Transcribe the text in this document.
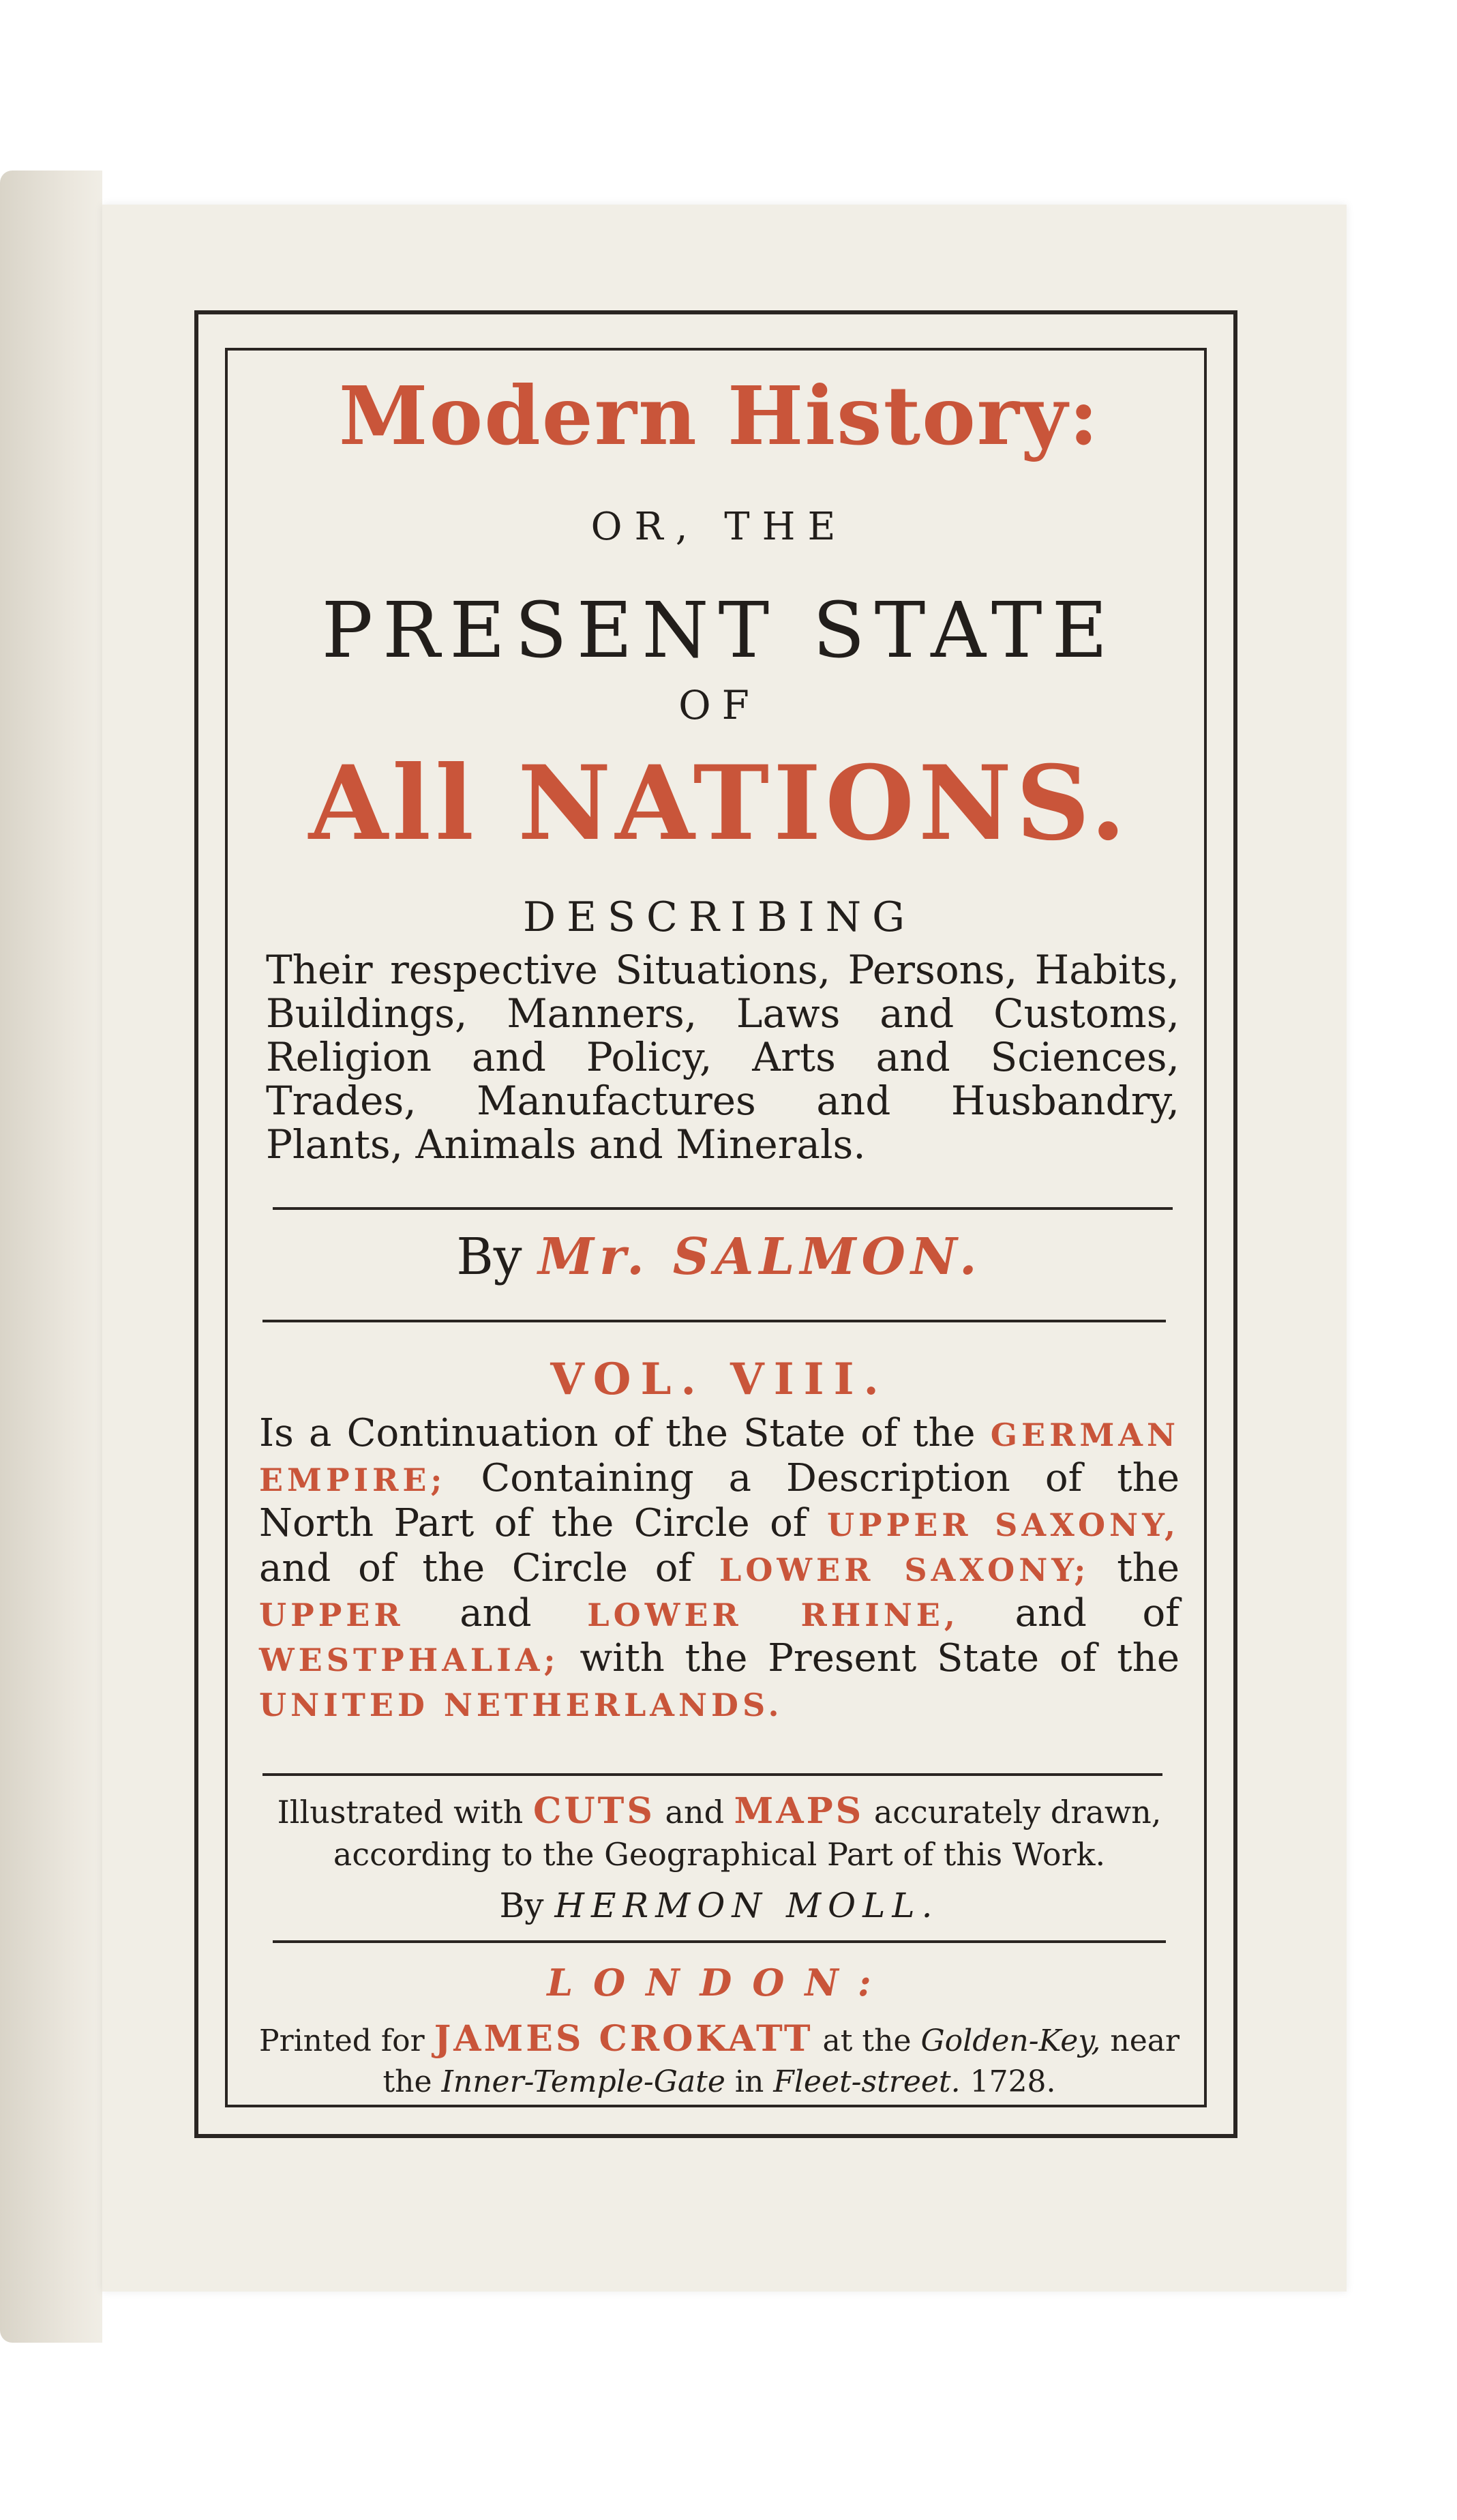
Modern History:

OR, THE

PRESENT STATE

OF

All NATIONS.

DESCRIBING

Their respective Situations, Persons, Habits, Buildings, Manners, Laws and Customs, Religion and Policy, Arts and Sciences, Trades, Manufactures and Husbandry, Plants, Animals and Minerals.

By Mr. SALMON.

VOL. VIII.

Is a Continuation of the State of the GERMAN EMPIRE; Containing a Description of the North Part of the Circle of UPPER SAXONY, and of the Circle of LOWER SAXONY; the UPPER and LOWER RHINE, and of WESTPHALIA; with the Present State of the UNITED NETHERLANDS.

Illustrated with CUTS and MAPS accurately drawn, according to the Geographical Part of this Work.

By HERMON MOLL.

LONDON:

Printed for JAMES CROKATT at the Golden-Key, near the Inner-Temple-Gate in Fleet-street. 1728.
